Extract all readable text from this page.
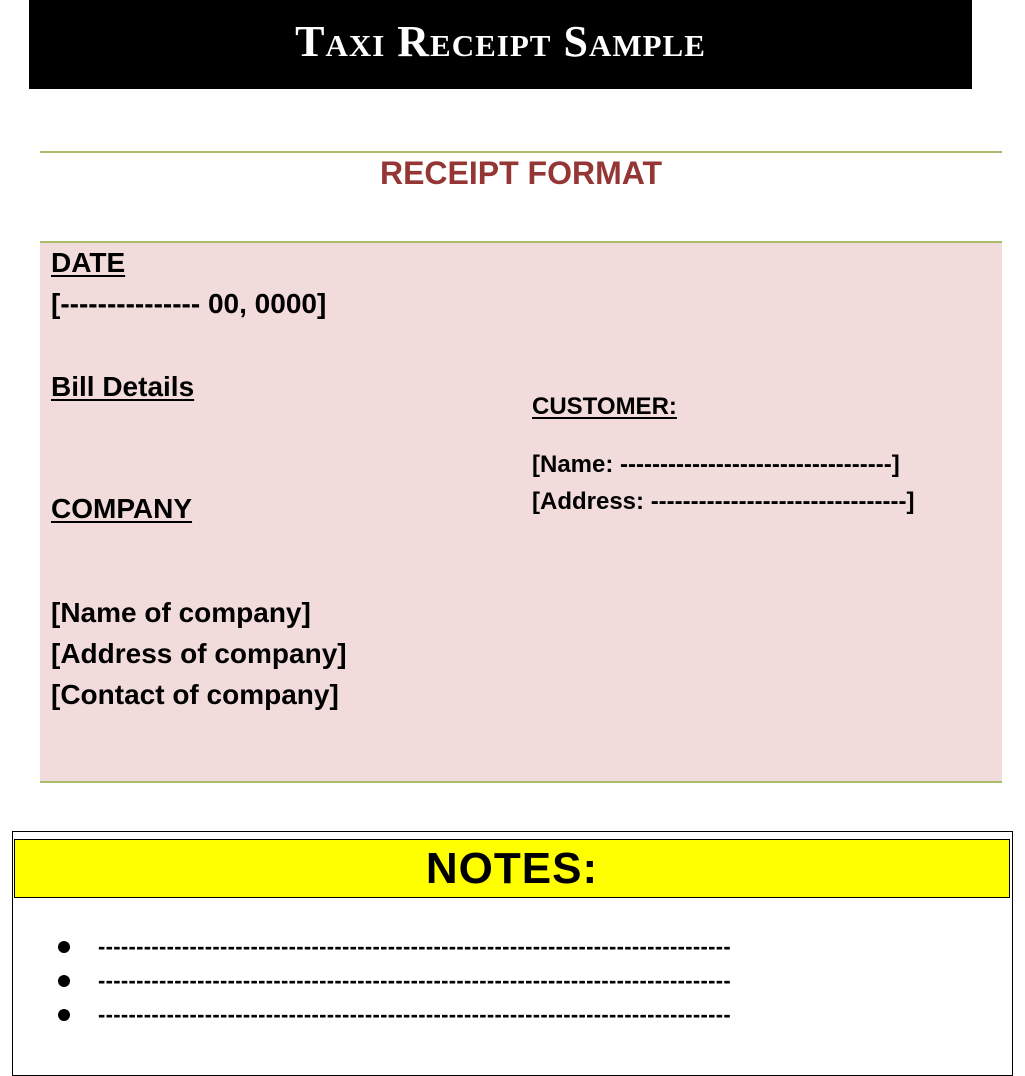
Taxi Receipt Sample
RECEIPT FORMAT
DATE
[--------------- 00, 0000]
Bill Details
COMPANY
[Name of company]
[Address of company]
[Contact of company]
CUSTOMER:
[Name: ----------------------------------]
[Address: --------------------------------]
NOTES:
-----------------------------------------------------------------------------------
-----------------------------------------------------------------------------------
-----------------------------------------------------------------------------------
